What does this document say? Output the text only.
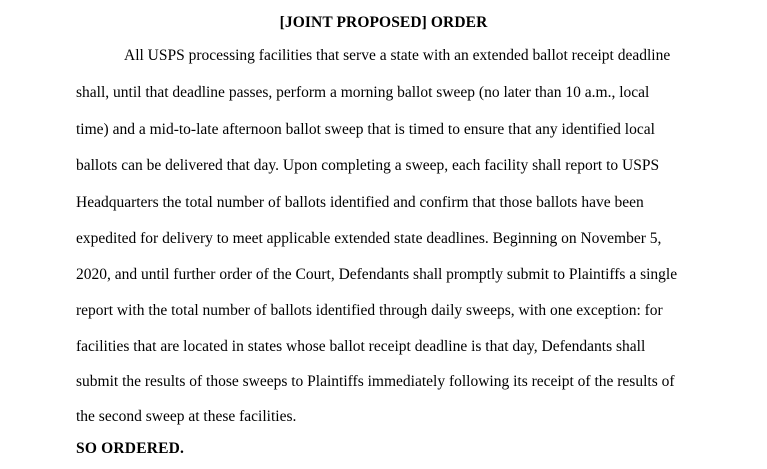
[JOINT PROPOSED] ORDER
All USPS processing facilities that serve a state with an extended ballot receipt deadline
shall, until that deadline passes, perform a morning ballot sweep (no later than 10 a.m., local
time) and a mid-to-late afternoon ballot sweep that is timed to ensure that any identified local
ballots can be delivered that day. Upon completing a sweep, each facility shall report to USPS
Headquarters the total number of ballots identified and confirm that those ballots have been
expedited for delivery to meet applicable extended state deadlines. Beginning on November 5,
2020, and until further order of the Court, Defendants shall promptly submit to Plaintiffs a single
report with the total number of ballots identified through daily sweeps, with one exception: for
facilities that are located in states whose ballot receipt deadline is that day, Defendants shall
submit the results of those sweeps to Plaintiffs immediately following its receipt of the results of
the second sweep at these facilities.
SO ORDERED.
